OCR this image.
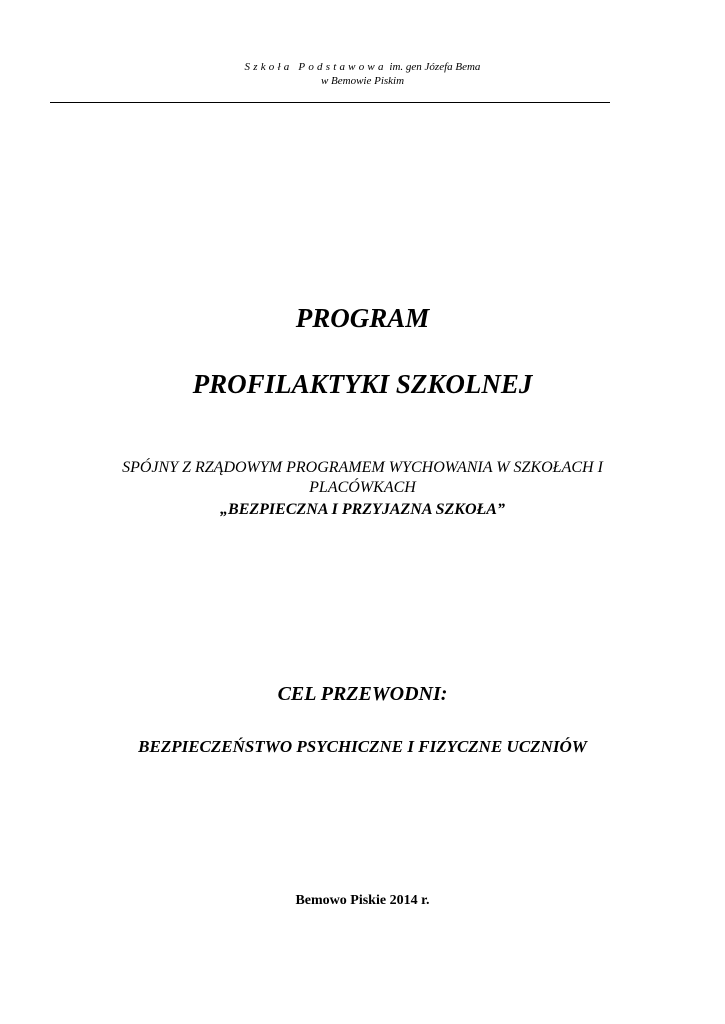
Szkoła Podstawowa im. gen Józefa Bema
w Bemowie Piskim
PROGRAM
PROFILAKTYKI SZKOLNEJ
SPÓJNY Z RZĄDOWYM PROGRAMEM WYCHOWANIA W SZKOŁACH I
PLACÓWKACH
„BEZPIECZNA I PRZYJAZNA SZKOŁA”
CEL PRZEWODNI:
BEZPIECZEŃSTWO PSYCHICZNE I FIZYCZNE UCZNIÓW
Bemowo Piskie 2014 r.
